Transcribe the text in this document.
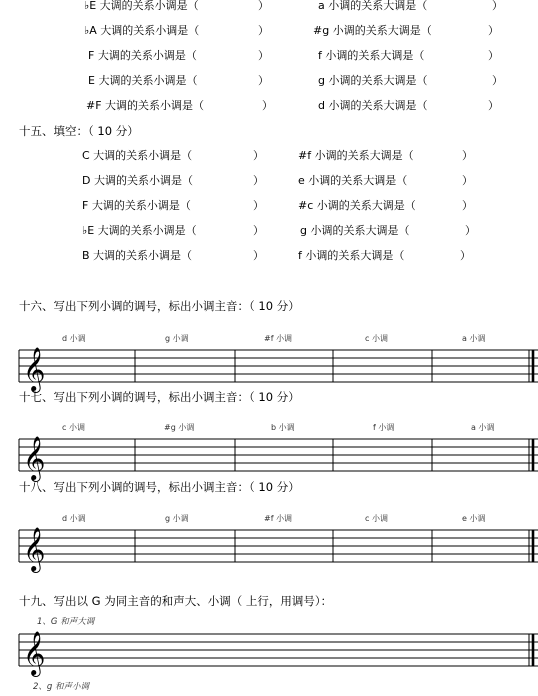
♭E 大调的关系小调是（	）	a 小调的关系大调是（	）
♭A 大调的关系小调是（	）	#g 小调的关系大调是（	）
F 大调的关系小调是（	）	f 小调的关系大调是（	）
E 大调的关系小调是（	）	g 小调的关系大调是（	）
#F 大调的关系小调是（	）	d 小调的关系大调是（	）
十五、填空：（ 10 分）
C 大调的关系小调是（	）	#f 小调的关系大调是（	）
D 大调的关系小调是（	）	e 小调的关系大调是（	）
F 大调的关系小调是（	）	#c 小调的关系大调是（	）
♭E 大调的关系小调是（	）	g 小调的关系大调是（	）
B 大调的关系小调是（	）	f 小调的关系大调是（	）
十六、写出下列小调的调号，标出小调主音：（ 10 分）
d 小调	g 小调	#f 小调	c 小调	a 小调
𝄞
十七、写出下列小调的调号，标出小调主音：（ 10 分）
c 小调	#g 小调	b 小调	f 小调	a 小调
𝄞
十八、写出下列小调的调号，标出小调主音：（ 10 分）
d 小调	g 小调	#f 小调	c 小调	e 小调
𝄞
十九、写出以 G 为同主音的和声大、小调（ 上行，用调号）：
1、G 和声大调
𝄞
2、g 和声小调
